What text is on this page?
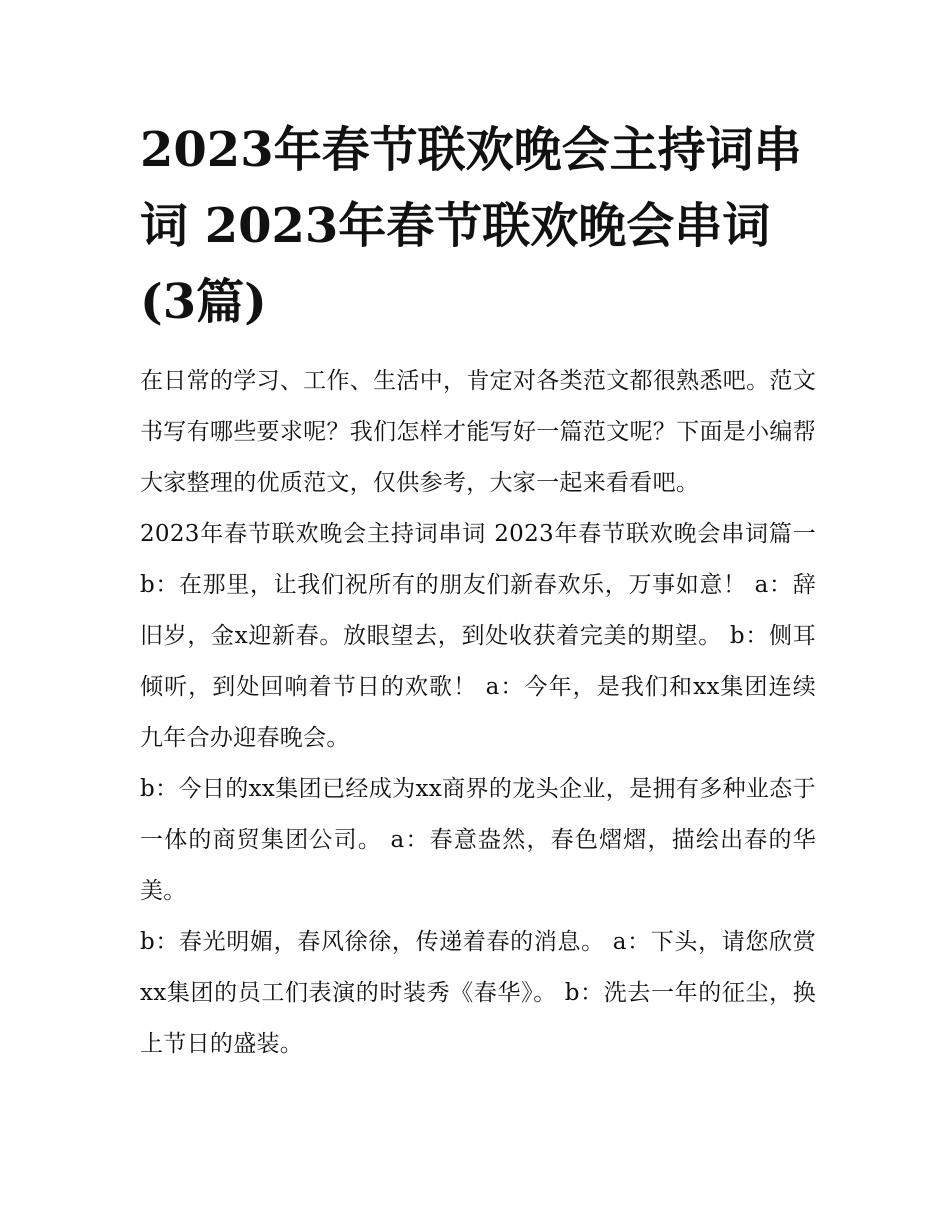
2023年春节联欢晚会主持词串词 2023年春节联欢晚会串词(3篇)

在日常的学习、工作、生活中，肯定对各类范文都很熟悉吧。范文书写有哪些要求呢？我们怎样才能写好一篇范文呢？下面是小编帮大家整理的优质范文，仅供参考，大家一起来看看吧。

2023年春节联欢晚会主持词串词 2023年春节联欢晚会串词篇一 b：在那里，让我们祝所有的朋友们新春欢乐，万事如意！ a：辞旧岁，金x迎新春。放眼望去，到处收获着完美的期望。 b：侧耳倾听，到处回响着节日的欢歌！ a：今年，是我们和xx集团连续九年合办迎春晚会。

b：今日的xx集团已经成为xx商界的龙头企业，是拥有多种业态于一体的商贸集团公司。 a：春意盎然，春色熠熠，描绘出春的华美。

b：春光明媚，春风徐徐，传递着春的消息。 a：下头，请您欣赏xx集团的员工们表演的时装秀《春华》。 b：洗去一年的征尘，换上节日的盛装。
